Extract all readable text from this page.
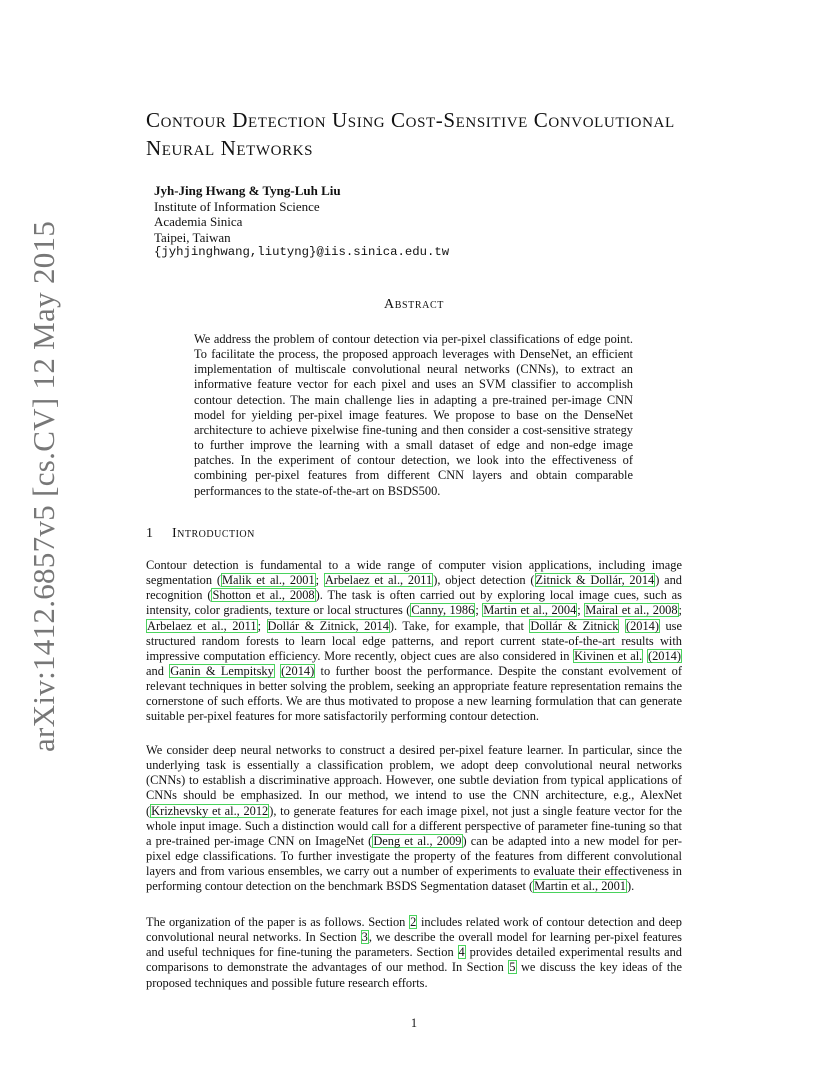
arXiv:1412.6857v5 [cs.CV] 12 May 2015
Contour Detection Using Cost-Sensitive Convolutional Neural Networks
Jyh-Jing Hwang & Tyng-Luh Liu
Institute of Information Science
Academia Sinica
Taipei, Taiwan
{jyhjinghwang,liutyng}@iis.sinica.edu.tw
Abstract
We address the problem of contour detection via per-pixel classifications of edge point. To facilitate the process, the proposed approach leverages with DenseNet, an efficient implementation of multiscale convolutional neural networks (CNNs), to extract an informative feature vector for each pixel and uses an SVM classifier to accomplish contour detection. The main challenge lies in adapting a pre-trained per-image CNN model for yielding per-pixel image features. We propose to base on the DenseNet architecture to achieve pixelwise fine-tuning and then consider a cost-sensitive strategy to further improve the learning with a small dataset of edge and non-edge image patches. In the experiment of contour detection, we look into the effectiveness of combining per-pixel features from different CNN layers and obtain comparable performances to the state-of-the-art on BSDS500.
1 Introduction
Contour detection is fundamental to a wide range of computer vision applications, including image segmentation (Malik et al., 2001; Arbelaez et al., 2011), object detection (Zitnick & Dollár, 2014) and recognition (Shotton et al., 2008). The task is often carried out by exploring local image cues, such as intensity, color gradients, texture or local structures (Canny, 1986; Martin et al., 2004; Mairal et al., 2008; Arbelaez et al., 2011; Dollár & Zitnick, 2014). Take, for example, that Dollár & Zitnick (2014) use structured random forests to learn local edge patterns, and report current state-of-the-art results with impressive computation efficiency. More recently, object cues are also considered in Kivinen et al. (2014) and Ganin & Lempitsky (2014) to further boost the performance. Despite the constant evolvement of relevant techniques in better solving the problem, seeking an appropriate feature representation remains the cornerstone of such efforts. We are thus motivated to propose a new learning formulation that can generate suitable per-pixel features for more satisfactorily performing contour detection.
We consider deep neural networks to construct a desired per-pixel feature learner. In particular, since the underlying task is essentially a classification problem, we adopt deep convolutional neural networks (CNNs) to establish a discriminative approach. However, one subtle deviation from typical applications of CNNs should be emphasized. In our method, we intend to use the CNN architecture, e.g., AlexNet (Krizhevsky et al., 2012), to generate features for each image pixel, not just a single feature vector for the whole input image. Such a distinction would call for a different perspective of parameter fine-tuning so that a pre-trained per-image CNN on ImageNet (Deng et al., 2009) can be adapted into a new model for per-pixel edge classifications. To further investigate the property of the features from different convolutional layers and from various ensembles, we carry out a number of experiments to evaluate their effectiveness in performing contour detection on the benchmark BSDS Segmentation dataset (Martin et al., 2001).
The organization of the paper is as follows. Section 2 includes related work of contour detection and deep convolutional neural networks. In Section 3, we describe the overall model for learning per-pixel features and useful techniques for fine-tuning the parameters. Section 4 provides detailed experimental results and comparisons to demonstrate the advantages of our method. In Section 5 we discuss the key ideas of the proposed techniques and possible future research efforts.
1
